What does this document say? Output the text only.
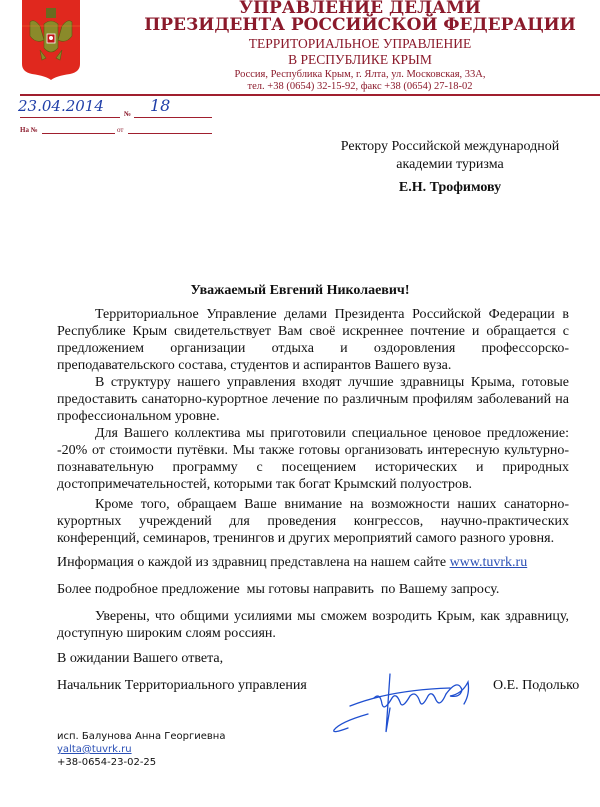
УПРАВЛЕНИЕ ДЕЛАМИ
ПРЕЗИДЕНТА РОССИЙСКОЙ ФЕДЕРАЦИИ
ТЕРРИТОРИАЛЬНОЕ УПРАВЛЕНИЕ
В РЕСПУБЛИКЕ КРЫМ
Россия, Республика Крым, г. Ялта, ул. Московская, 33А,
тел. +38 (0654) 32-15-92, факс +38 (0654) 27-18-02
23.04.2014	№ 18
На №	от
Ректору Российской международной
академии туризма
Е.Н. Трофимову
Уважаемый Евгений Николаевич!
Территориальное Управление делами Президента Российской Федерации в Республике Крым свидетельствует Вам своё искреннее почтение и обращается с предложением организации отдыха и оздоровления профессорско-преподавательского состава, студентов и аспирантов Вашего вуза.
В структуру нашего управления входят лучшие здравницы Крыма, готовые предоставить санаторно-курортное лечение по различным профилям заболеваний на профессиональном уровне.
Для Вашего коллектива мы приготовили специальное ценовое предложение: -20% от стоимости путёвки. Мы также готовы организовать интересную культурно-познавательную программу с посещением исторических и природных достопримечательностей, которыми так богат Крымский полуостров.
Кроме того, обращаем Ваше внимание на возможности наших санаторно-курортных учреждений для проведения конгрессов, научно-практических конференций, семинаров, тренингов и других мероприятий самого разного уровня.
Информация о каждой из здравниц представлена на нашем сайте www.tuvrk.ru
Более подробное предложение  мы готовы направить  по Вашему запросу.
Уверены, что общими усилиями мы сможем возродить Крым, как здравницу, доступную широким слоям россиян.
В ожидании Вашего ответа,
Начальник Территориального управления	О.Е. Подолько
исп. Балунова Анна Георгиевна
yalta@tuvrk.ru
+38-0654-23-02-25
